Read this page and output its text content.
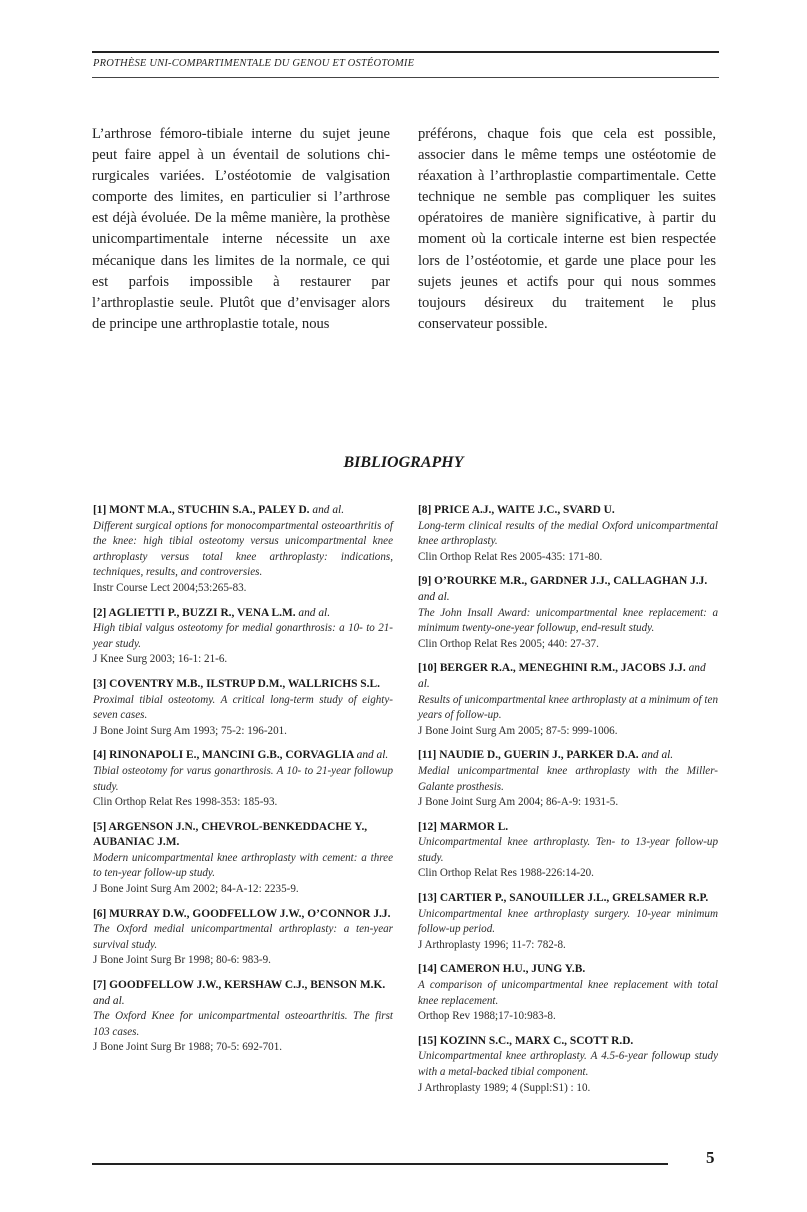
PROTHÈSE UNI-COMPARTIMENTALE DU GENOU ET OSTÉOTOMIE
L’arthrose fémoro-tibiale interne du sujet jeune peut faire appel à un éventail de solutions chirurgicales variées. L’ostéotomie de valgisation comporte des limites, en particulier si l’arthrose est déjà évoluée. De la même manière, la prothèse unicompartimentale interne nécessite un axe mécanique dans les limites de la normale, ce qui est parfois impossible à restaurer par l’arthroplastie seule. Plutôt que d’envisager alors de principe une arthroplastie totale, nous
préférons, chaque fois que cela est possible, associer dans le même temps une ostéotomie de réaxation à l’arthroplastie compartimentale. Cette technique ne semble pas compliquer les suites opératoires de manière significative, à partir du moment où la corticale interne est bien respectée lors de l’ostéotomie, et garde une place pour les sujets jeunes et actifs pour qui nous sommes toujours désireux du traitement le plus conservateur possible.
BIBLIOGRAPHY
[1] MONT M.A., STUCHIN S.A., PALEY D. and al.
Different surgical options for monocompartmental osteoarthritis of the knee: high tibial osteotomy versus unicompartmental knee arthroplasty versus total knee arthroplasty: indications, techniques, results, and controversies.
Instr Course Lect 2004;53:265-83.
[2] AGLIETTI P., BUZZI R., VENA L.M. and al.
High tibial valgus osteotomy for medial gonarthrosis: a 10- to 21-year study.
J Knee Surg 2003; 16-1: 21-6.
[3] COVENTRY M.B., ILSTRUP D.M., WALLRICHS S.L.
Proximal tibial osteotomy. A critical long-term study of eighty-seven cases.
J Bone Joint Surg Am 1993; 75-2: 196-201.
[4] RINONAPOLI E., MANCINI G.B., CORVAGLIA and al.
Tibial osteotomy for varus gonarthrosis. A 10- to 21-year followup study.
Clin Orthop Relat Res 1998-353: 185-93.
[5] ARGENSON J.N., CHEVROL-BENKEDDACHE Y., AUBANIAC J.M.
Modern unicompartmental knee arthroplasty with cement: a three to ten-year follow-up study.
J Bone Joint Surg Am 2002; 84-A-12: 2235-9.
[6] MURRAY D.W., GOODFELLOW J.W., O’CONNOR J.J.
The Oxford medial unicompartmental arthroplasty: a ten-year survival study.
J Bone Joint Surg Br 1998; 80-6: 983-9.
[7] GOODFELLOW J.W., KERSHAW C.J., BENSON M.K. and al.
The Oxford Knee for unicompartmental osteoarthritis. The first 103 cases.
J Bone Joint Surg Br 1988; 70-5: 692-701.
[8] PRICE A.J., WAITE J.C., SVARD U.
Long-term clinical results of the medial Oxford unicompartmental knee arthroplasty.
Clin Orthop Relat Res 2005-435: 171-80.
[9] O’ROURKE M.R., GARDNER J.J., CALLAGHAN J.J. and al.
The John Insall Award: unicompartmental knee replacement: a minimum twenty-one-year followup, end-result study.
Clin Orthop Relat Res 2005; 440: 27-37.
[10] BERGER R.A., MENEGHINI R.M., JACOBS J.J. and al.
Results of unicompartmental knee arthroplasty at a minimum of ten years of follow-up.
J Bone Joint Surg Am 2005; 87-5: 999-1006.
[11] NAUDIE D., GUERIN J., PARKER D.A. and al.
Medial unicompartmental knee arthroplasty with the Miller-Galante prosthesis.
J Bone Joint Surg Am 2004; 86-A-9: 1931-5.
[12] MARMOR L.
Unicompartmental knee arthroplasty. Ten- to 13-year follow-up study.
Clin Orthop Relat Res 1988-226:14-20.
[13] CARTIER P., SANOUILLER J.L., GRELSAMER R.P.
Unicompartmental knee arthroplasty surgery. 10-year minimum follow-up period.
J Arthroplasty 1996; 11-7: 782-8.
[14] CAMERON H.U., JUNG Y.B.
A comparison of unicompartmental knee replacement with total knee replacement.
Orthop Rev 1988;17-10:983-8.
[15] KOZINN S.C., MARX C., SCOTT R.D.
Unicompartmental knee arthroplasty. A 4.5-6-year followup study with a metal-backed tibial component.
J Arthroplasty 1989; 4 (Suppl:S1) : 10.
5
